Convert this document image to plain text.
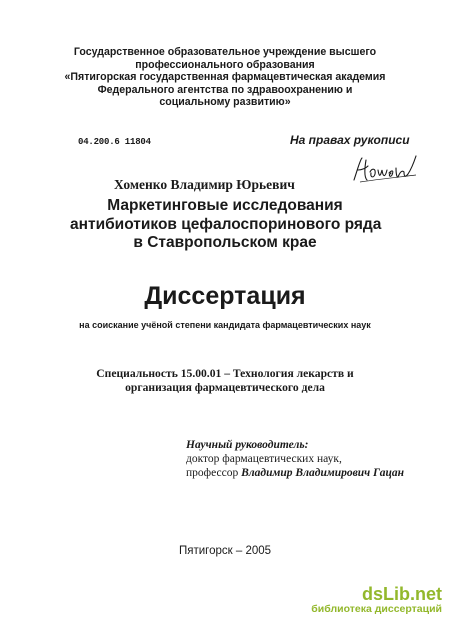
Государственное образовательное учреждение высшего
профессионального образования
«Пятигорская государственная фармацевтическая академия
Федерального агентства по здравоохранению и
социальному развитию»
04.200.6 11804	На правах рукописи
Хоменко Владимир Юрьевич
Маркетинговые исследования
антибиотиков цефалоспоринового ряда
в Ставропольском крае
Диссертация
на соискание учёной степени кандидата фармацевтических наук
Специальность 15.00.01 – Технология лекарств и
организация фармацевтического дела
Научный руководитель:
доктор фармацевтических наук,
профессор Владимир Владимирович Гацан
Пятигорск – 2005
dsLib.net
библиотека диссертаций
